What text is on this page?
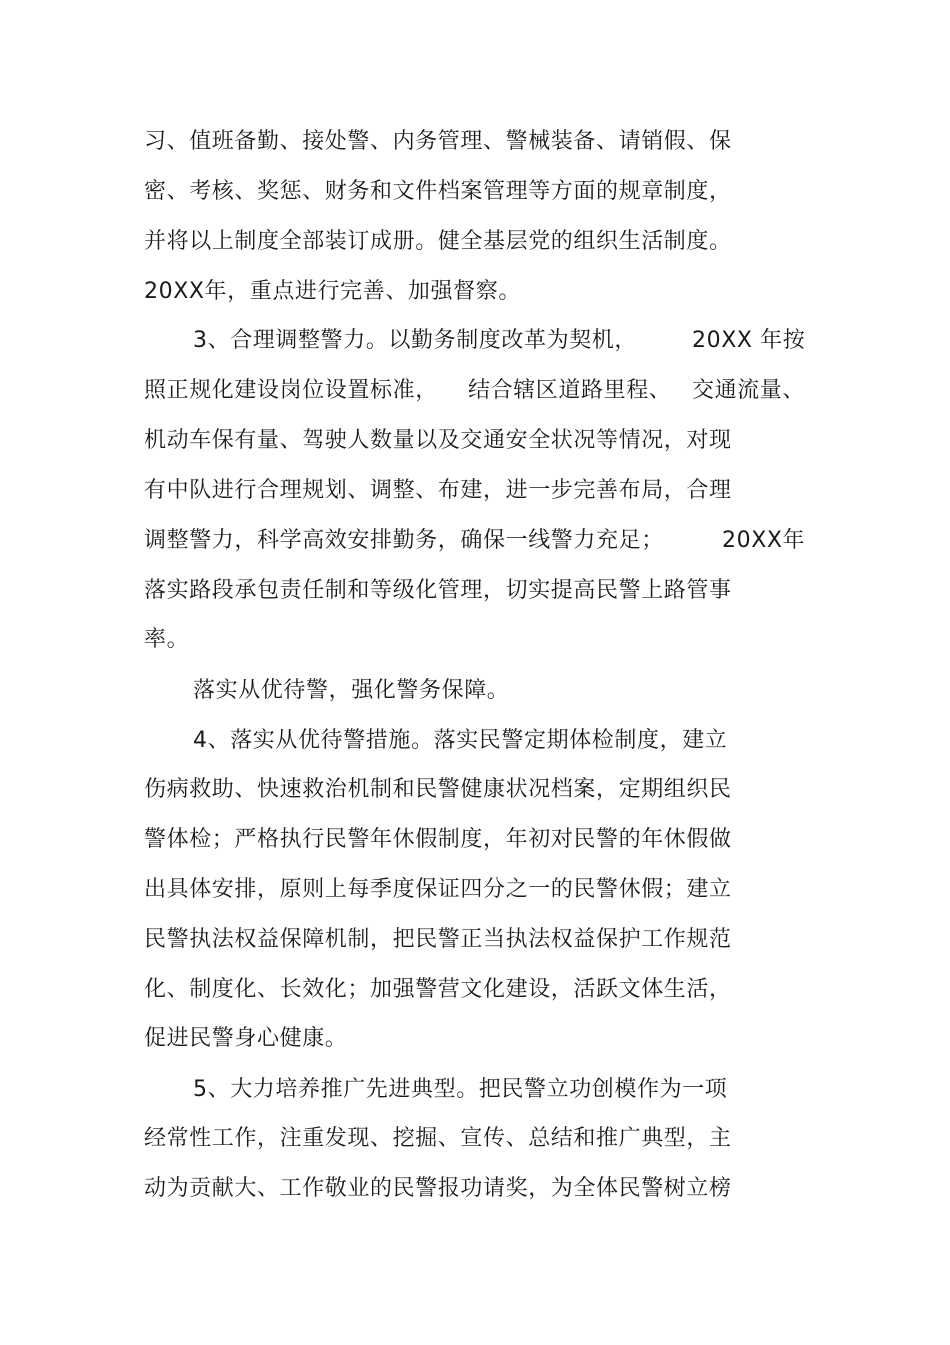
习、值班备勤、接处警、内务管理、警械装备、请销假、保
密、考核、奖惩、财务和文件档案管理等方面的规章制度，
并将以上制度全部装订成册。健全基层党的组织生活制度。
20XX年，重点进行完善、加强督察。
3、合理调整警力。以勤务制度改革为契机，	20XX 年按
照正规化建设岗位设置标准， 结合辖区道路里程、 交通流量、
机动车保有量、驾驶人数量以及交通安全状况等情况，对现
有中队进行合理规划、调整、布建，进一步完善布局，合理
调整警力，科学高效安排勤务，确保一线警力充足；	20XX年
落实路段承包责任制和等级化管理，切实提高民警上路管事
率。
落实从优待警，强化警务保障。
4、落实从优待警措施。落实民警定期体检制度，建立
伤病救助、快速救治机制和民警健康状况档案，定期组织民
警体检；严格执行民警年休假制度，年初对民警的年休假做
出具体安排，原则上每季度保证四分之一的民警休假；建立
民警执法权益保障机制，把民警正当执法权益保护工作规范
化、制度化、长效化；加强警营文化建设，活跃文体生活，
促进民警身心健康。
5、大力培养推广先进典型。把民警立功创模作为一项
经常性工作，注重发现、挖掘、宣传、总结和推广典型，主
动为贡献大、工作敬业的民警报功请奖，为全体民警树立榜
